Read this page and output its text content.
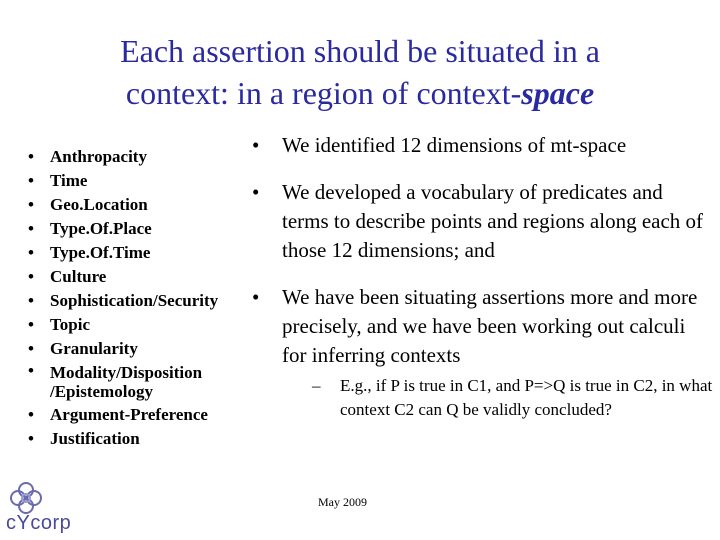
Each assertion should be situated in a
context: in a region of context-space
• Anthropacity
• Time
• Geo.Location
• Type.Of.Place
• Type.Of.Time
• Culture
• Sophistication/Security
• Topic
• Granularity
• Modality/Disposition
/Epistemology
• Argument-Preference
• Justification
• We identified 12 dimensions of mt-space
• We developed a vocabulary of predicates and terms to describe points and regions along each of those 12 dimensions; and
• We have been situating assertions more and more precisely, and we have been working out calculi for inferring contexts
– E.g., if P is true in C1, and P=>Q is true in C2, in what context C2 can Q be validly concluded?
May 2009
cYcorp
